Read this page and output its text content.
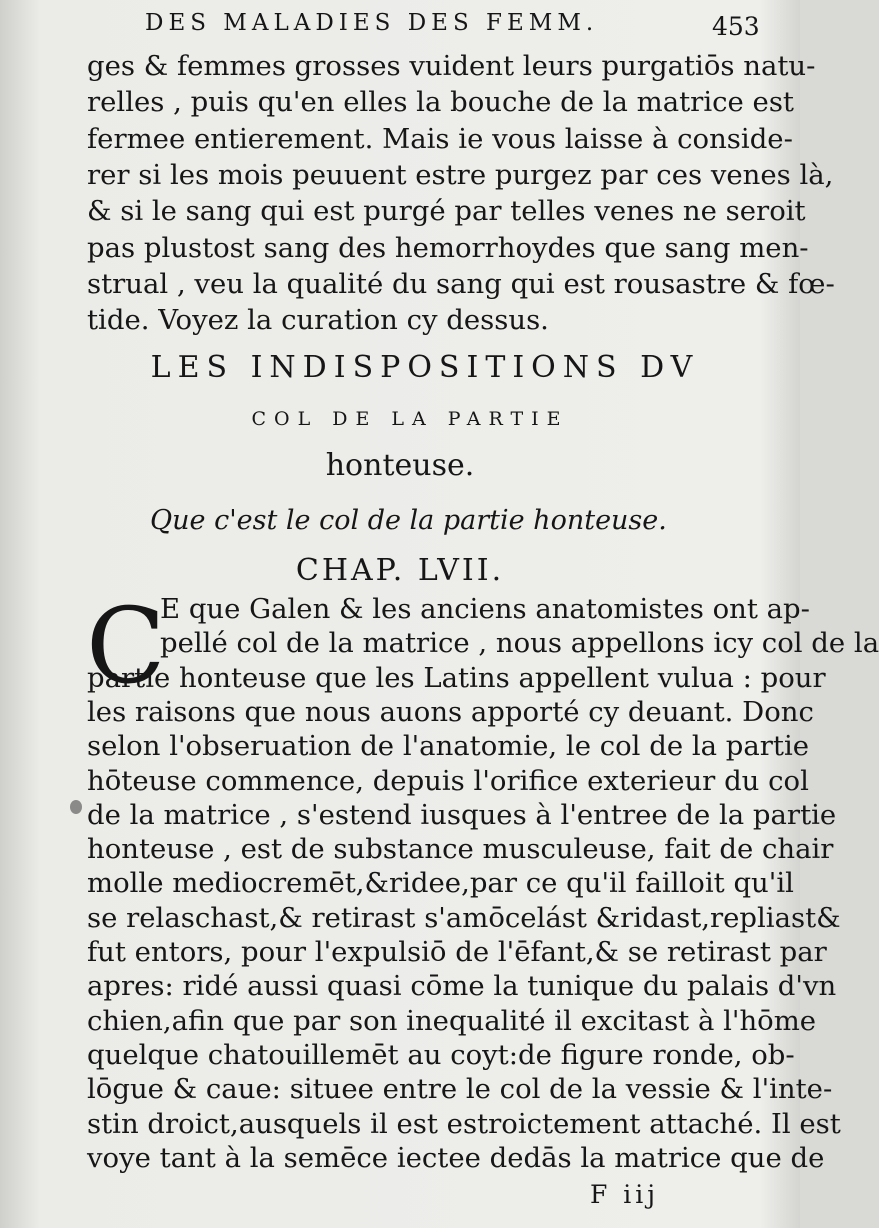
DES MALADIES DES FEMM.	453
ges & femmes grosses vuident leurs purgatiōs natu-
relles , puis qu'en elles la bouche de la matrice est
fermee entierement. Mais ie vous laisse à conside-
rer si les mois peuuent estre purgez par ces venes là,
& si le sang qui est purgé par telles venes ne seroit
pas plustost sang des hemorrhoydes que sang men-
strual , veu la qualité du sang qui est rousastre & fœ-
tide. Voyez la curation cy dessus.
LES INDISPOSITIONS DV
COL DE LA PARTIE
honteuse.
Que c'est le col de la partie honteuse.
CHAP. LVII.
C
E que Galen & les anciens anatomistes ont ap-
pellé col de la matrice , nous appellons icy col de la
partie honteuse que les Latins appellent vulua : pour
les raisons que nous auons apporté cy deuant. Donc
selon l'obseruation de l'anatomie, le col de la partie
hōteuse commence, depuis l'orifice exterieur du col
de la matrice , s'estend iusques à l'entree de la partie
honteuse , est de substance musculeuse, fait de chair
molle mediocremēt,&ridee,par ce qu'il failloit qu'il
se relaschast,& retirast s'amōcelást &ridast,repliast&
fut entors, pour l'expulsiō de l'ēfant,& se retirast par
apres: ridé aussi quasi cōme la tunique du palais d'vn
chien,afin que par son inequalité il excitast à l'hōme
quelque chatouillemēt au coyt:de figure ronde, ob-
lōgue & caue: situee entre le col de la vessie & l'inte-
stin droict,ausquels il est estroictement attaché. Il est
voye tant à la semēce iectee dedās la matrice que de
F iij
